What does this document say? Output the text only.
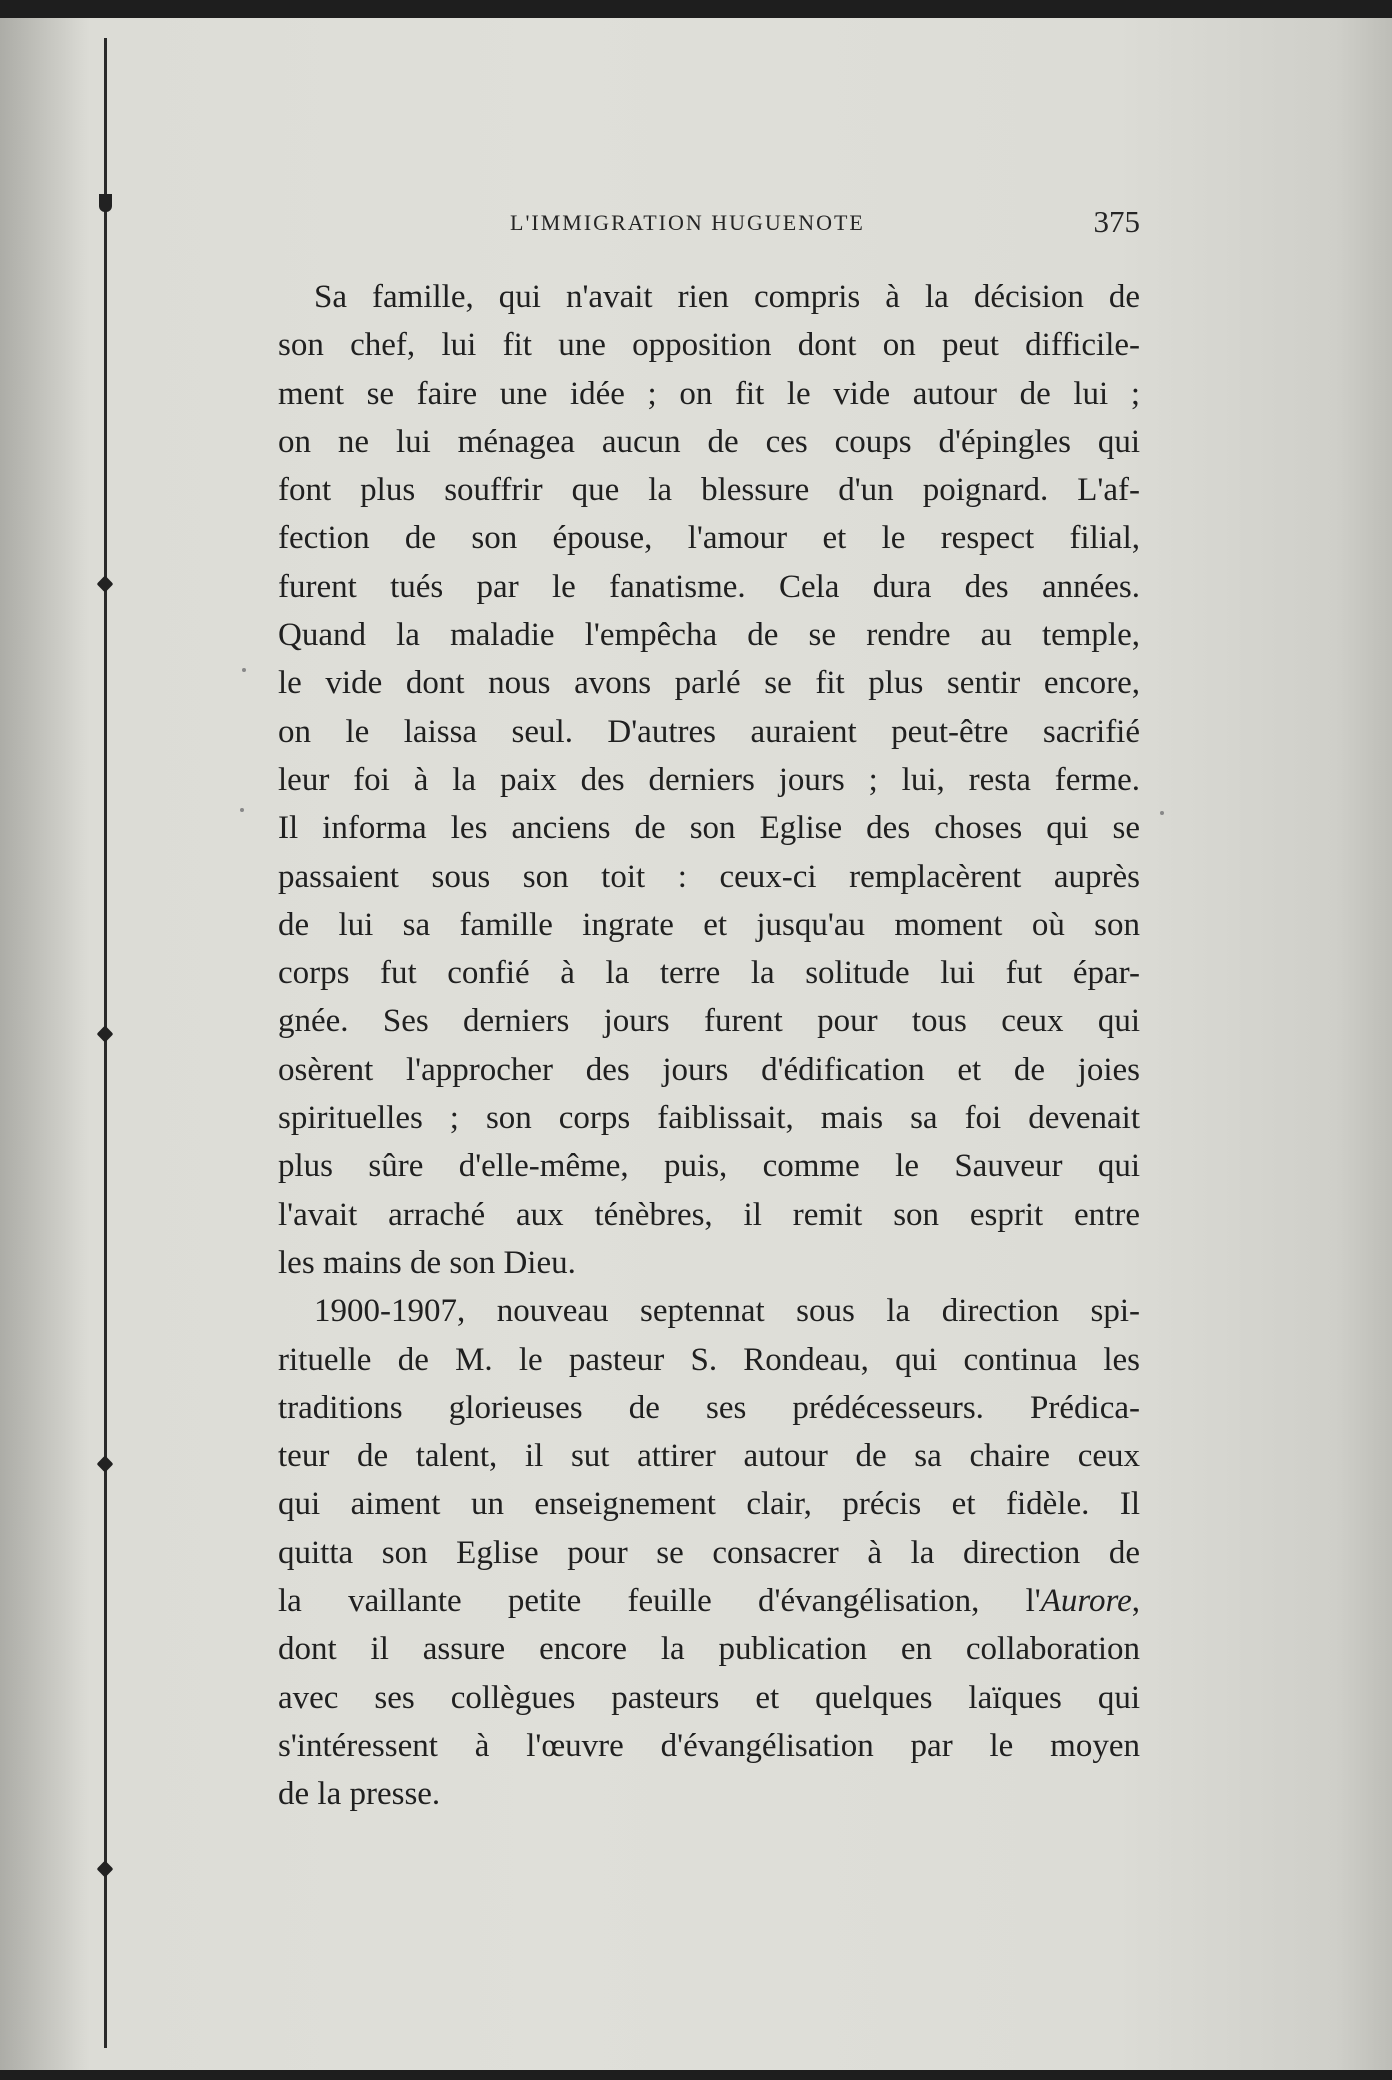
L'IMMIGRATION HUGUENOTE	375
Sa famille, qui n'avait rien compris à la décision de
son chef, lui fit une opposition dont on peut difficile-
ment se faire une idée ; on fit le vide autour de lui ;
on ne lui ménagea aucun de ces coups d'épingles qui
font plus souffrir que la blessure d'un poignard. L'af-
fection de son épouse, l'amour et le respect filial,
furent tués par le fanatisme. Cela dura des années.
Quand la maladie l'empêcha de se rendre au temple,
le vide dont nous avons parlé se fit plus sentir encore,
on le laissa seul. D'autres auraient peut-être sacrifié
leur foi à la paix des derniers jours ; lui, resta ferme.
Il informa les anciens de son Eglise des choses qui se
passaient sous son toit : ceux-ci remplacèrent auprès
de lui sa famille ingrate et jusqu'au moment où son
corps fut confié à la terre la solitude lui fut épar-
gnée. Ses derniers jours furent pour tous ceux qui
osèrent l'approcher des jours d'édification et de joies
spirituelles ; son corps faiblissait, mais sa foi devenait
plus sûre d'elle-même, puis, comme le Sauveur qui
l'avait arraché aux ténèbres, il remit son esprit entre
les mains de son Dieu.
1900-1907, nouveau septennat sous la direction spi-
rituelle de M. le pasteur S. Rondeau, qui continua les
traditions glorieuses de ses prédécesseurs. Prédica-
teur de talent, il sut attirer autour de sa chaire ceux
qui aiment un enseignement clair, précis et fidèle. Il
quitta son Eglise pour se consacrer à la direction de
la vaillante petite feuille d'évangélisation, l'Aurore,
dont il assure encore la publication en collaboration
avec ses collègues pasteurs et quelques laïques qui
s'intéressent à l'œuvre d'évangélisation par le moyen
de la presse.
